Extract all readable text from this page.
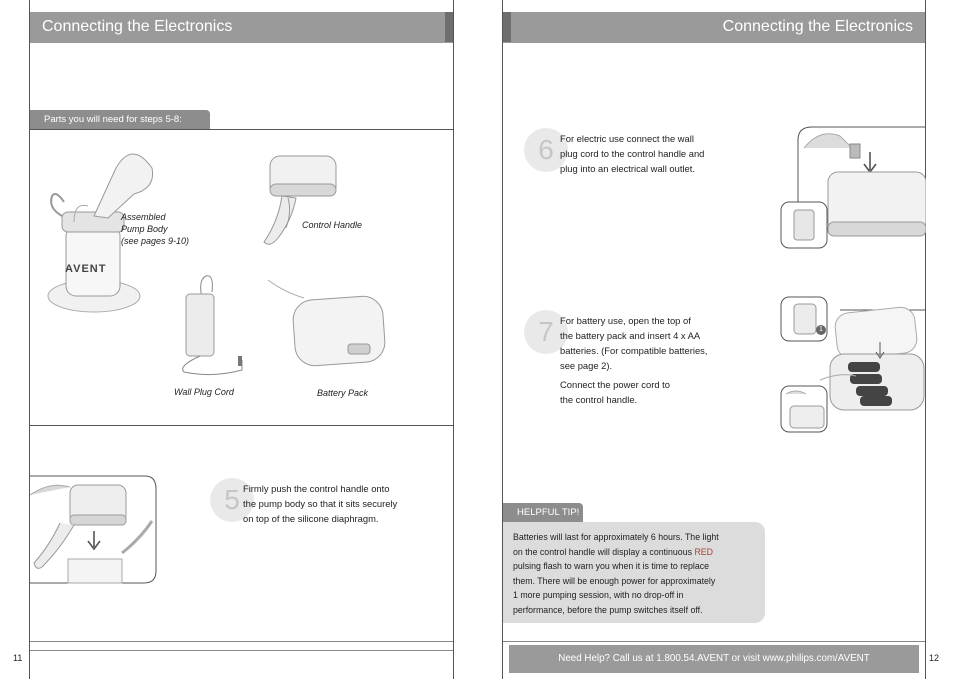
Connecting the Electronics
Parts you will need for steps 5-8:
AVENT
Assembled
Pump Body
(see pages 9-10)
Control Handle
Wall Plug Cord	Battery Pack
5 Firmly push the control handle onto
the pump body so that it sits securely
on top of the silicone diaphragm.
11
Connecting the Electronics
6 For electric use connect the wall
plug cord to the control handle and
plug into an electrical wall outlet.
7 For battery use, open the top of
the battery pack and insert 4 x AA
batteries. (For compatible batteries,
see page 2).
Connect the power cord to
the control handle.
1
HELPFUL TIP!
Batteries will last for approximately 6 hours. The light
on the control handle will display a continuous RED
pulsing flash to warn you when it is time to replace
them. There will be enough power for approximately
1 more pumping session, with no drop-off in
performance, before the pump switches itself off.
Need Help? Call us at 1.800.54.AVENT or visit www.philips.com/AVENT	12
